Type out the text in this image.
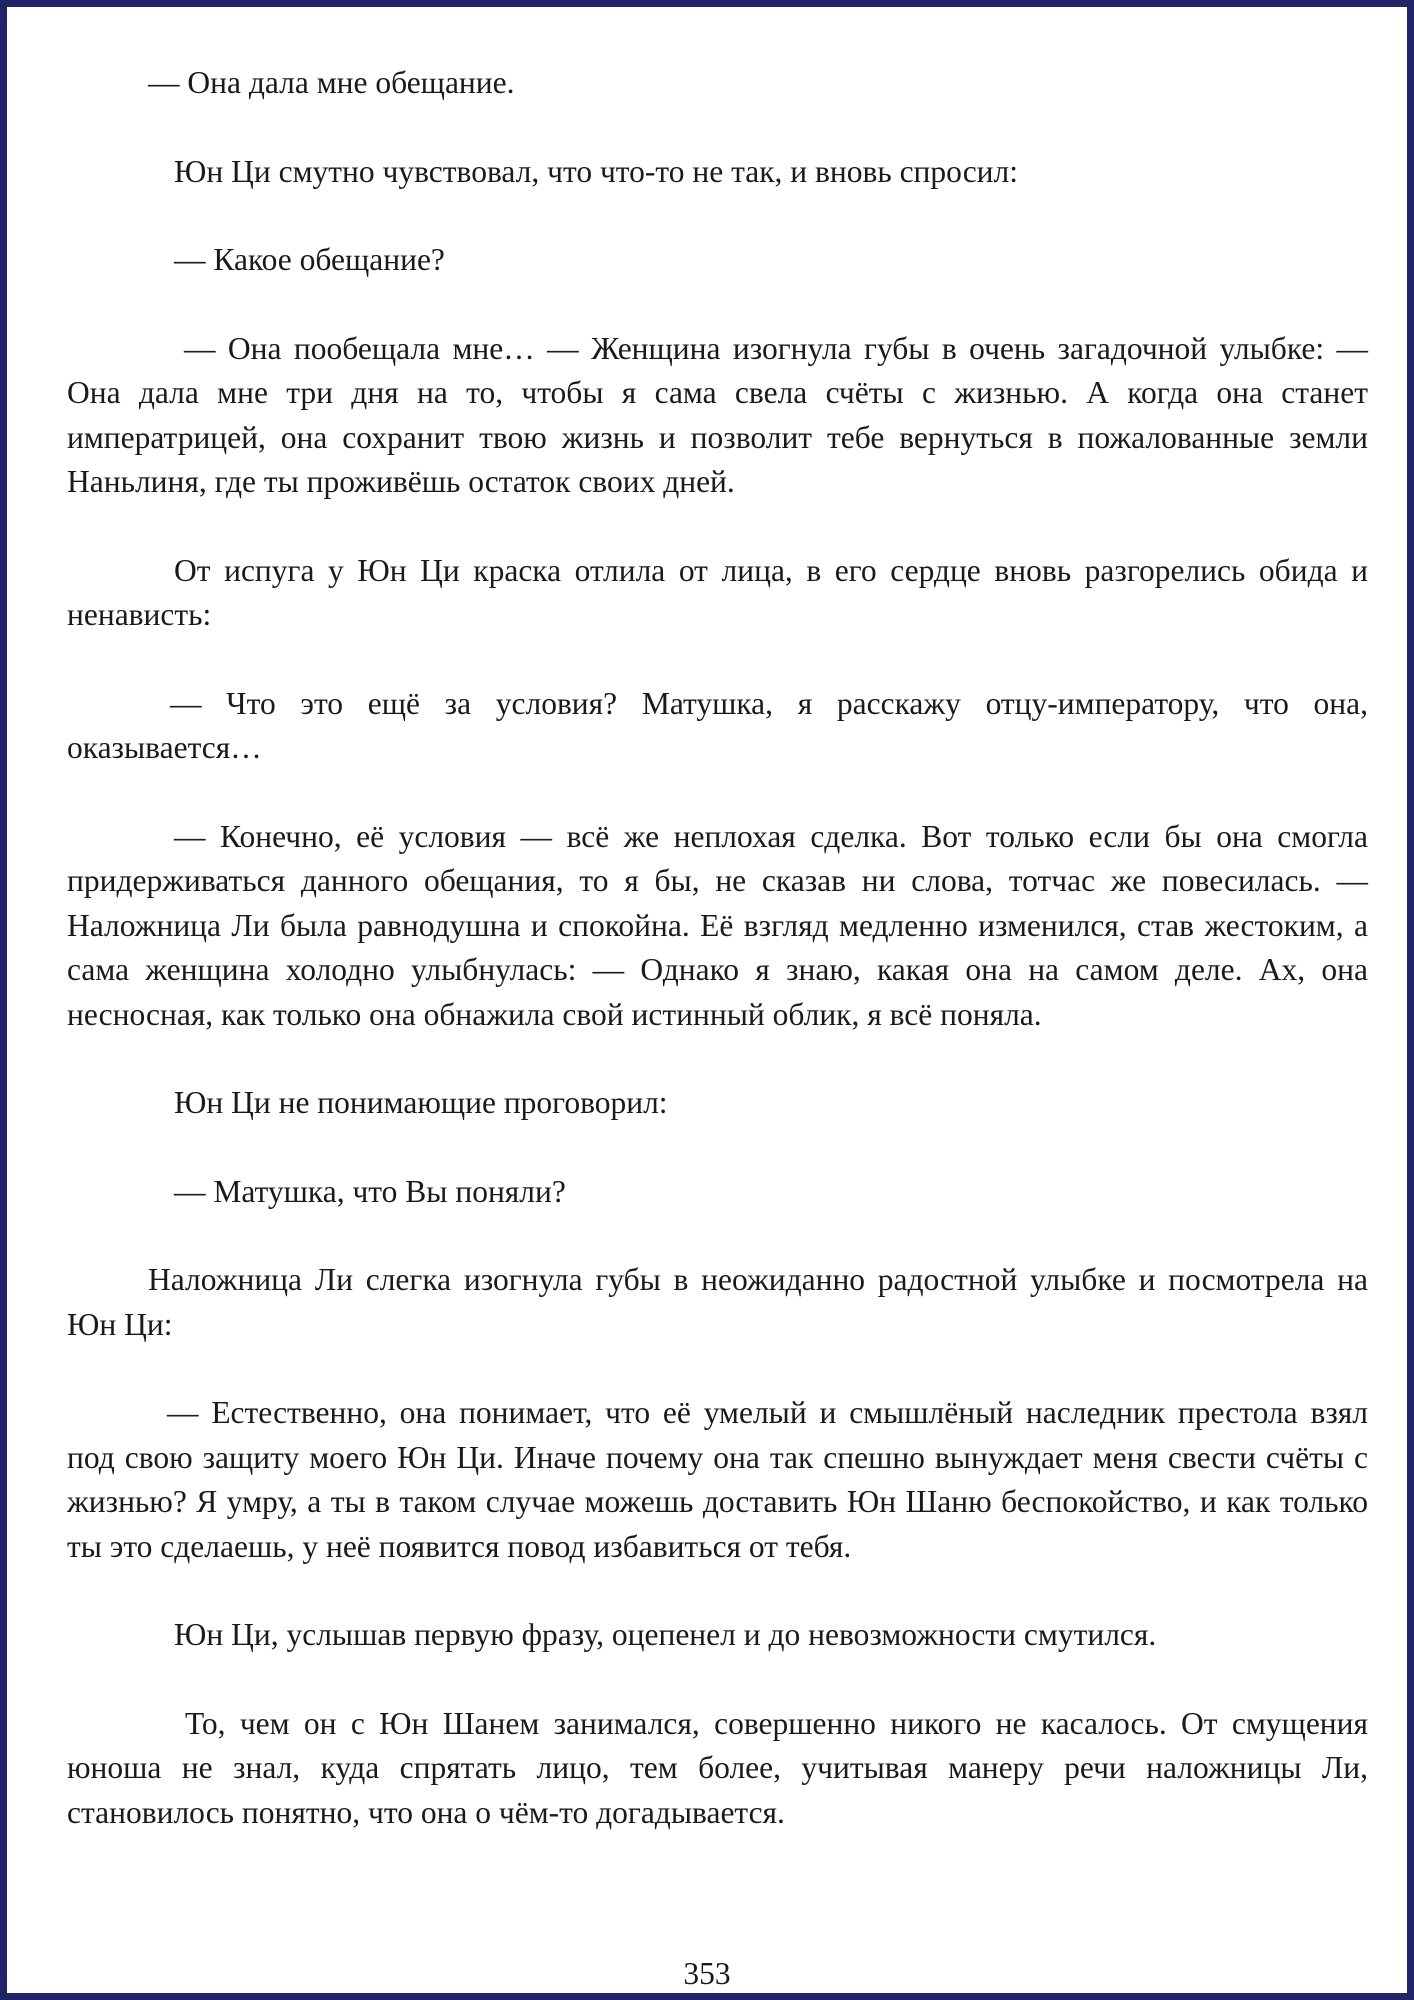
— Она дала мне обещание.

Юн Ци смутно чувствовал, что что-то не так, и вновь спросил:

— Какое обещание?

— Она пообещала мне… — Женщина изогнула губы в очень загадочной улыбке: — Она дала мне три дня на то, чтобы я сама свела счёты с жизнью. А когда она станет императрицей, она сохранит твою жизнь и позволит тебе вернуться в пожалованные земли Наньлиня, где ты проживёшь остаток своих дней.

От испуга у Юн Ци краска отлила от лица, в его сердце вновь разгорелись обида и ненависть:

— Что это ещё за условия? Матушка, я расскажу отцу-императору, что она, оказывается…

— Конечно, её условия — всё же неплохая сделка. Вот только если бы она смогла придерживаться данного обещания, то я бы, не сказав ни слова, тотчас же повесилась. — Наложница Ли была равнодушна и спокойна. Её взгляд медленно изменился, став жестоким, а сама женщина холодно улыбнулась: — Однако я знаю, какая она на самом деле. Ах, она несносная, как только она обнажила свой истинный облик, я всё поняла.

Юн Ци не понимающие проговорил:

— Матушка, что Вы поняли?

Наложница Ли слегка изогнула губы в неожиданно радостной улыбке и посмотрела на Юн Ци:

— Естественно, она понимает, что её умелый и смышлёный наследник престола взял под свою защиту моего Юн Ци. Иначе почему она так спешно вынуждает меня свести счёты с жизнью? Я умру, а ты в таком случае можешь доставить Юн Шаню беспокойство, и как только ты это сделаешь, у неё появится повод избавиться от тебя.

Юн Ци, услышав первую фразу, оцепенел и до невозможности смутился.

То, чем он с Юн Шанем занимался, совершенно никого не касалось. От смущения юноша не знал, куда спрятать лицо, тем более, учитывая манеру речи наложницы Ли, становилось понятно, что она о чём-то догадывается.

353
